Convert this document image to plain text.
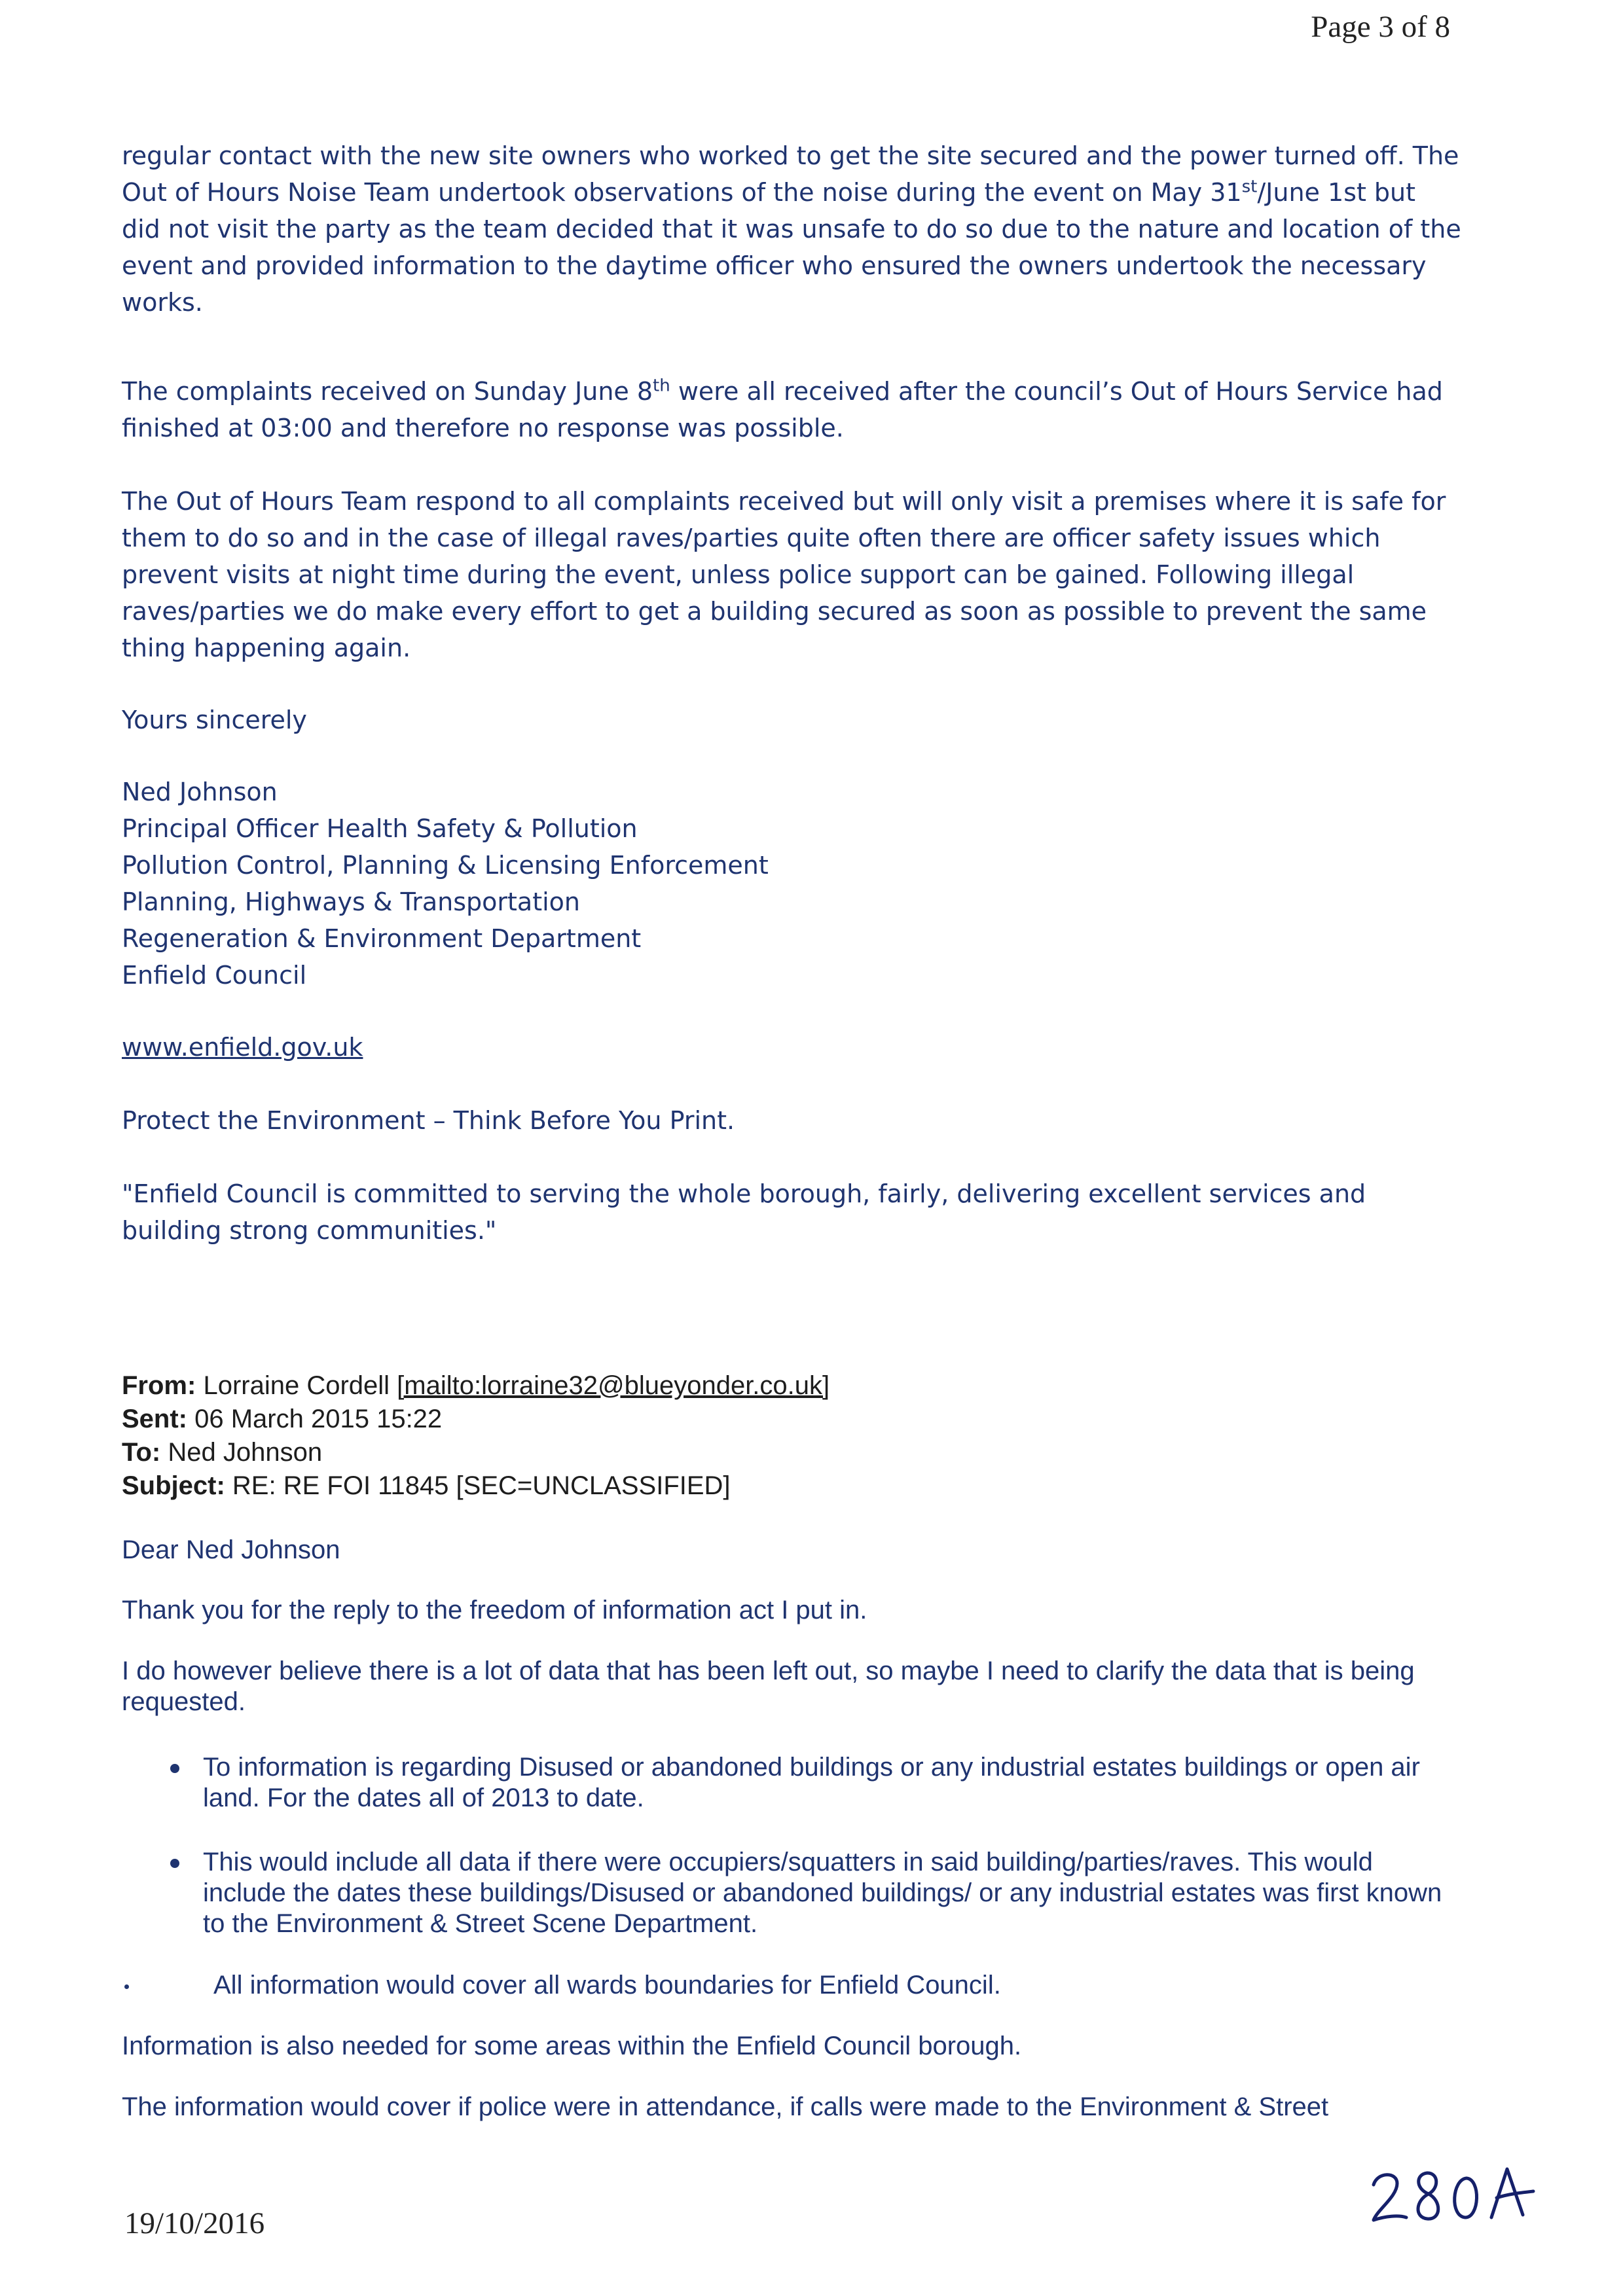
Page 3 of 8

regular contact with the new site owners who worked to get the site secured and the power turned off. The Out of Hours Noise Team undertook observations of the noise during the event on May 31st/June 1st but did not visit the party as the team decided that it was unsafe to do so due to the nature and location of the event and provided information to the daytime officer who ensured the owners undertook the necessary works.

The complaints received on Sunday June 8th were all received after the council’s Out of Hours Service had finished at 03:00 and therefore no response was possible.

The Out of Hours Team respond to all complaints received but will only visit a premises where it is safe for them to do so and in the case of illegal raves/parties quite often there are officer safety issues which prevent visits at night time during the event, unless police support can be gained. Following illegal raves/parties we do make every effort to get a building secured as soon as possible to prevent the same thing happening again.

Yours sincerely

Ned Johnson
Principal Officer Health Safety & Pollution
Pollution Control, Planning & Licensing Enforcement
Planning, Highways & Transportation
Regeneration & Environment Department
Enfield Council

www.enfield.gov.uk

Protect the Environment – Think Before You Print.

"Enfield Council is committed to serving the whole borough, fairly, delivering excellent services and building strong communities."

From: Lorraine Cordell [mailto:lorraine32@blueyonder.co.uk]
Sent: 06 March 2015 15:22
To: Ned Johnson
Subject: RE: RE FOI 11845 [SEC=UNCLASSIFIED]

Dear Ned Johnson

Thank you for the reply to the freedom of information act I put in.

I do however believe there is a lot of data that has been left out, so maybe I need to clarify the data that is being requested.

To information is regarding Disused or abandoned buildings or any industrial estates buildings or open air land. For the dates all of 2013 to date.
This would include all data if there were occupiers/squatters in said building/parties/raves. This would include the dates these buildings/Disused or abandoned buildings/ or any industrial estates was first known to the Environment & Street Scene Department.
All information would cover all wards boundaries for Enfield Council.

Information is also needed for some areas within the Enfield Council borough.

The information would cover if police were in attendance, if calls were made to the Environment & Street

19/10/2016
